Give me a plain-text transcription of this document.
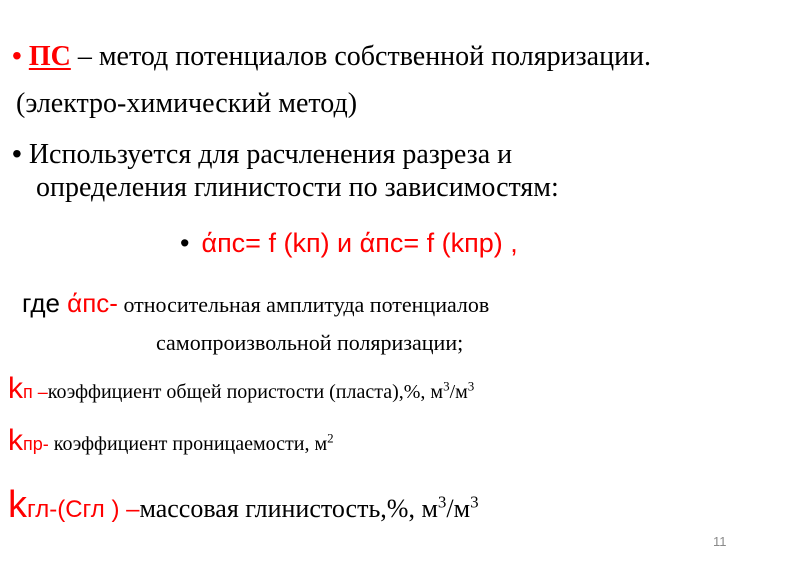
• ПС – метод потенциалов собственной поляризации.
(электро-химический метод)
• Используется для расчленения разреза и
определения глинистости по зависимостям:
• άпс= f (kп) и άпс= f (kпр) ,
где άпс- относительная амплитуда потенциалов
самопроизвольной поляризации;
kп –коэффициент общей пористости (пласта),%, $м^3/м^3$
kпр- коэффициент проницаемости, $м^2$
kгл-(Сгл ) –массовая глинистость,%, $м^3/м^3$
11
